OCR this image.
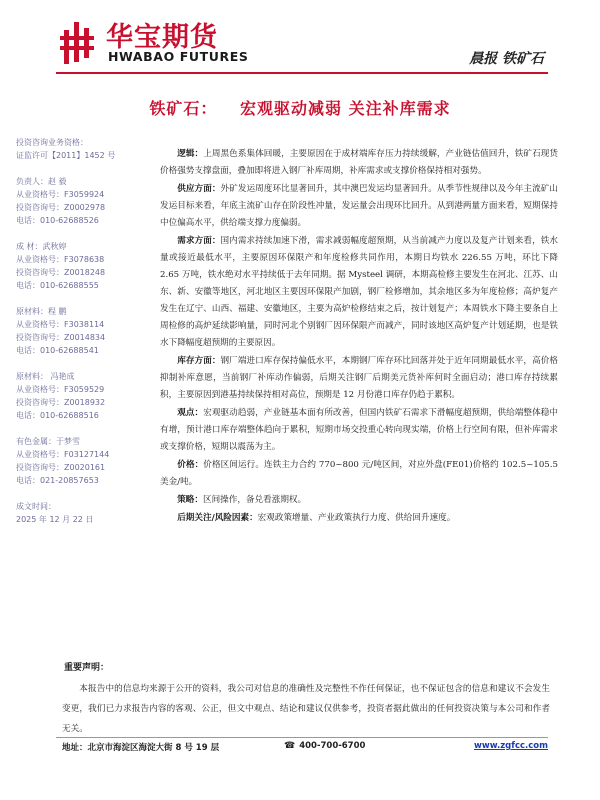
华宝期货
HWABAO FUTURES	晨报 铁矿石
铁矿石： 宏观驱动减弱 关注补库需求
投资咨询业务资格：
证监许可【2011】1452 号
负责人：赵 毅
从业资格号：F3059924
投资咨询号：Z0002978
电话：010-62688526
成 材：武秋婷
从业资格号：F3078638
投资咨询号：Z0018248
电话：010-62688555
原材料：程 鹏
从业资格号：F3038114
投资咨询号：Z0014834
电话：010-62688541
原材料： 冯艳成
从业资格号：F3059529
投资咨询号：Z0018932
电话：010-62688516
有色金属：于梦雪
从业资格号：F03127144
投资咨询号：Z0020161
电话：021-20857653
成文时间：
2025 年 12 月 22 日

  逻辑：上周黑色系集体回暖，主要原因在于成材端库存压力持续缓解，产业链估值回升，铁矿石现货价格强势支撑盘面，叠加即将进入钢厂补库周期，补库需求或支撑价格保持相对强势。

  供应方面：外矿发运周度环比显著回升，其中澳巴发运均显著回升。从季节性规律以及今年主流矿山发运目标来看，年底主流矿山存在阶段性冲量，发运量会出现环比回升。从到港两量方面来看，短期保持中位偏高水平，供给端支撑力度偏弱。

  需求方面：国内需求持续加速下滑，需求减弱幅度超预期，从当前减产力度以及复产计划来看，铁水量或接近最低水平，主要原因环保限产和年度检修共同作用，本期日均铁水 226.55 万吨，环比下降 2.65 万吨，铁水绝对水平持续低于去年同期。据 Mysteel 调研，本期高检修主要发生在河北、江苏、山东、新、安徽等地区，河北地区主要因环保限产加剧，钢厂检修增加，其余地区多为年度检修；高炉复产发生在辽宁、山西、福建、安徽地区，主要为高炉检修结束之后，按计划复产；本周铁水下降主要条自上周检修的高炉延续影响量，同时河北个别钢厂因环保限产而减产，同时该地区高炉复产计划延期，也是铁水下降幅度超预期的主要原因。

  库存方面：钢厂端进口库存保持偏低水平，本期钢厂库存环比回落并处于近年同期最低水平，高价格抑制补库意愿，当前钢厂补库动作偏弱，后期关注钢厂后期美元货补库何时全面启动；港口库存持续累积，主要原因到港基持续保持相对高位，预期是 12 月份港口库存仍趋于累积。

  观点：宏观驱动趋弱，产业链基本面有所改善，但国内铁矿石需求下滑幅度超预期，供给端整体稳中有增，预计港口库存端整体趋向于累积，短期市场交投重心转向现实端，价格上行空间有限，但补库需求或支撑价格，短期以震荡为主。

  价格：价格区间运行。连铁主力合约 770~800 元/吨区间，对应外盘(FE01)价格约 102.5~105.5 美金/吨。

  策略：区间操作，备兑看涨期权。

  后期关注/风险因素：宏观政策增量、产业政策执行力度、供给回升速度。

重要声明：
  本报告中的信息均来源于公开的资料，我公司对信息的准确性及完整性不作任何保证，也不保证包含的信息和建议不会发生变更，我们已力求报告内容的客观、公正，但文中观点、结论和建议仅供参考，投资者据此做出的任何投资决策与本公司和作者无关。
地址：北京市海淀区海淀大街 8 号 19 层	☎ 400-700-6700	www.zgfcc.com
